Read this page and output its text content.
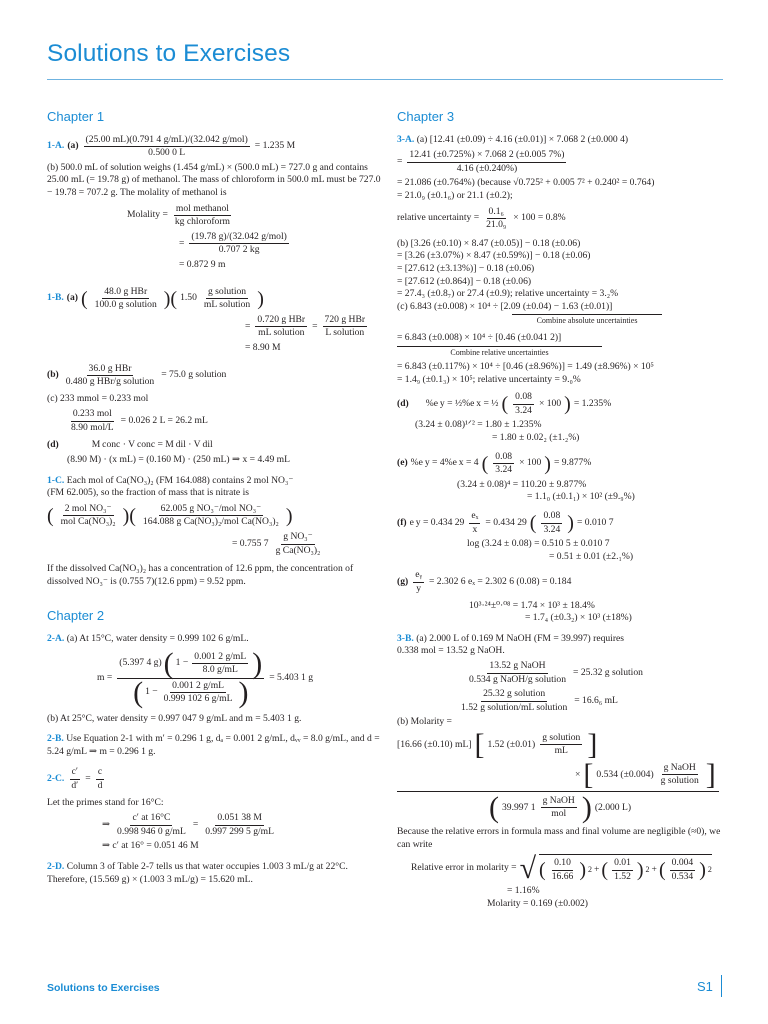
Solutions to Exercises
Chapter 1
1-A. (a)
(25.00 mL)(0.791 4 g/mL)/(32.042 g/mol)
0.500 0 L
= 1.235 M

(b) 500.0 mL of solution weighs (1.454 g/mL) × (500.0 mL) = 727.0 g and contains 25.00 mL (= 19.78 g) of methanol. The mass of chloroform in 500.0 mL must be 727.0 − 19.78 = 707.2 g. The molality of methanol is

Molality =
mol methanol
kg chloroform
=
(19.78 g)/(32.042 g/mol)
0.707 2 kg
= 0.872 9 m
1-B. (a) ( 48.0 g HBr
100.0 g solution )( 1.50
g solution
mL solution )
=
0.720 g HBr
mL solution
=
720 g HBr
L solution
= 8.90 M
(b)
36.0 g HBr
0.480 g HBr/g solution
= 75.0 g solution

(c) 233 mmol = 0.233 mol

0.233 mol
8.90 mol/L
= 0.026 2 L = 26.2 mL
(d)	M conc · V conc = M dil · V dil
(8.90 M) · (x mL) = (0.160 M) · (250 mL) ⇒ x = 4.49 mL
1-C. Each mol of Ca(NO₃)₂ (FM 164.088) contains 2 mol NO₃⁻
(FM 62.005), so the fraction of mass that is nitrate is
( 2 mol NO₃⁻
mol Ca(NO₃)₂ )(	62.005 g NO₃⁻/mol NO₃⁻
164.088 g Ca(NO₃)₂/mol Ca(NO₃)₂ )
= 0.755 $7 \frac{\text{g NO₃⁻}}{\text{g Ca(NO₃)₂}}$

If the dissolved Ca(NO₃)₂ has a concentration of 12.6 ppm, the concentration of dissolved NO₃⁻ is (0.755 7)(12.6 ppm) = 9.52 ppm.

Chapter 2
2-A. (a) At 15°C, water density = 0.999 102 6 g/mL.
m =
(5.397 4 g) ( $1 - \frac{0.001 2 g/mL}{8.0 g/mL}$ )
( $1 - \frac{0.001 2 g/mL}{0.999 102 6 g/mL}$ ) = 5.403 1 g

(b) At 25°C, water density = 0.997 047 9 g/mL and m = 5.403 1 g.

2-B. Use Equation 2-1 with m′ = 0.296 1 g, dₐ = 0.001 2 g/mL, dᵥᵥ = 8.0 g/mL, and d = 5.24 g/mL ⇒ m = 0.296 1 g.
2-C. $\frac{c'}{d'} = \frac{c}{d}$

Let the primes stand for 16°C:

⇒ $\frac{c' at 16^\circ C}{0.998 946 0 g/mL} = \frac{0.051 38 M}{0.997 299 5 g/mL}$
⇒ c′ at 16° = 0.051 46 M
2-D. Column 3 of Table 2-7 tells us that water occupies 1.003 3 mL/g at 22°C. Therefore, (15.569 g) × (1.003 3 mL/g) = 15.620 mL.
Chapter 3
3-A. (a) [12.41 (±0.09) ÷ 4.16 (±0.01)] × 7.068 2 (±0.000 4)
= $\frac{12.41 (\pm 0.725\%) \times 7.068 2 (\pm 0.005 7\%)}{4.16 (\pm 0.240\%)}$
= 21.086 (±0.764%) (because √0.725² + 0.005 7² + 0.240² = 0.764)
= 21.0₉ (±0.1₆) or 21.1 (±0.2);
relative uncertainty = $\frac{\text{0.1₆}}{\text{21.0₉}} \times 100 = 0.8\%$
(b) [3.26 (±0.10) × 8.47 (±0.05)] − 0.18 (±0.06)
= [3.26 (±3.07%) × 8.47 (±0.59%)] − 0.18 (±0.06)
= [27.612 (±3.13%)] − 0.18 (±0.06)
= [27.612 (±0.864)] − 0.18 (±0.06)
= 27.4₃ (±0.8₇) or 27.4 (±0.9); relative uncertainty = 3.₂%
(c) 6.843 (±0.008) × 10⁴ ÷ [2.09 (±0.04) − 1.63 (±0.01)]
Combine absolute uncertainties
= 6.843 (±0.008) × 10⁴ ÷ [0.46 (±0.041 2)]
Combine relative uncertainties
= 6.843 (±0.117%) × 10⁴ ÷ [0.46 (±8.96%)] = 1.49 (±8.96%) × 10⁵
= 1.4₉ (±0.1₃) × 10⁵; relative uncertainty = 9.₀%
(d)	%e y = ½%e x = ½ ( $\frac{0.08}{3.24} \times 100$ ) = 1.235%
(3.24 ± 0.08)¹ᐟ² = 1.80 ± 1.235%
= 1.80 ± 0.02₂ (±1.₂%)
(e) %e y = 4%e x = 4 ( $\frac{0.08}{3.24} \times 100$ ) = 9.877%
(3.24 ± 0.08)⁴ = 110.20 ± 9.877%
= 1.1₀ (±0.1₁) × 10² (±9.₉%)
(f) e y = 0.434 $29 \frac{\text{eₓ}}{x} = 0.434$ 29 ( $\frac{0.08}{3.24}$ ) = 0.010 7
log (3.24 ± 0.08) = 0.510 5 ± 0.010 7
= 0.51 ± 0.01 (±2.₁%)
$(g) \frac{\text{eᵧ}}{y} = 2.302$ 6 eₓ = 2.302 6 (0.08) = 0.184
10³·²⁴±⁰·⁰⁸ = 1.74 × 10³ ± 18.4%
= 1.7₄ (±0.3₂) × 10³ (±18%)
3-B. (a) 2.000 L of 0.169 M NaOH (FM = 39.997) requires
0.338 mol = 13.52 g NaOH.
13.52 g NaOH
0.534 g NaOH/g solution
= 25.32 g solution
25.32 g solution
1.52 g solution/mL solution
= 16.6₆ mL
(b) Molarity =
[16.66 (±0.10) mL] [ 1.52 (±0.01)
g solution
mL ]
× [ 0.534 (±0.004)
g NaOH
g solution ]
( 39.997 1
g NaOH
mol ) (2.000 L)

Because the relative errors in formula mass and final volume are negligible (≈0), we can write

Relative error in molarity = √ ( $\frac{0.10}{16.66}$ ) 2 + ( $\frac{0.01}{1.52}$ ) 2 + ( $\frac{0.004}{0.534}$ ) 2
= 1.16%
Molarity = 0.169 (±0.002)
Solutions to Exercises	S1
